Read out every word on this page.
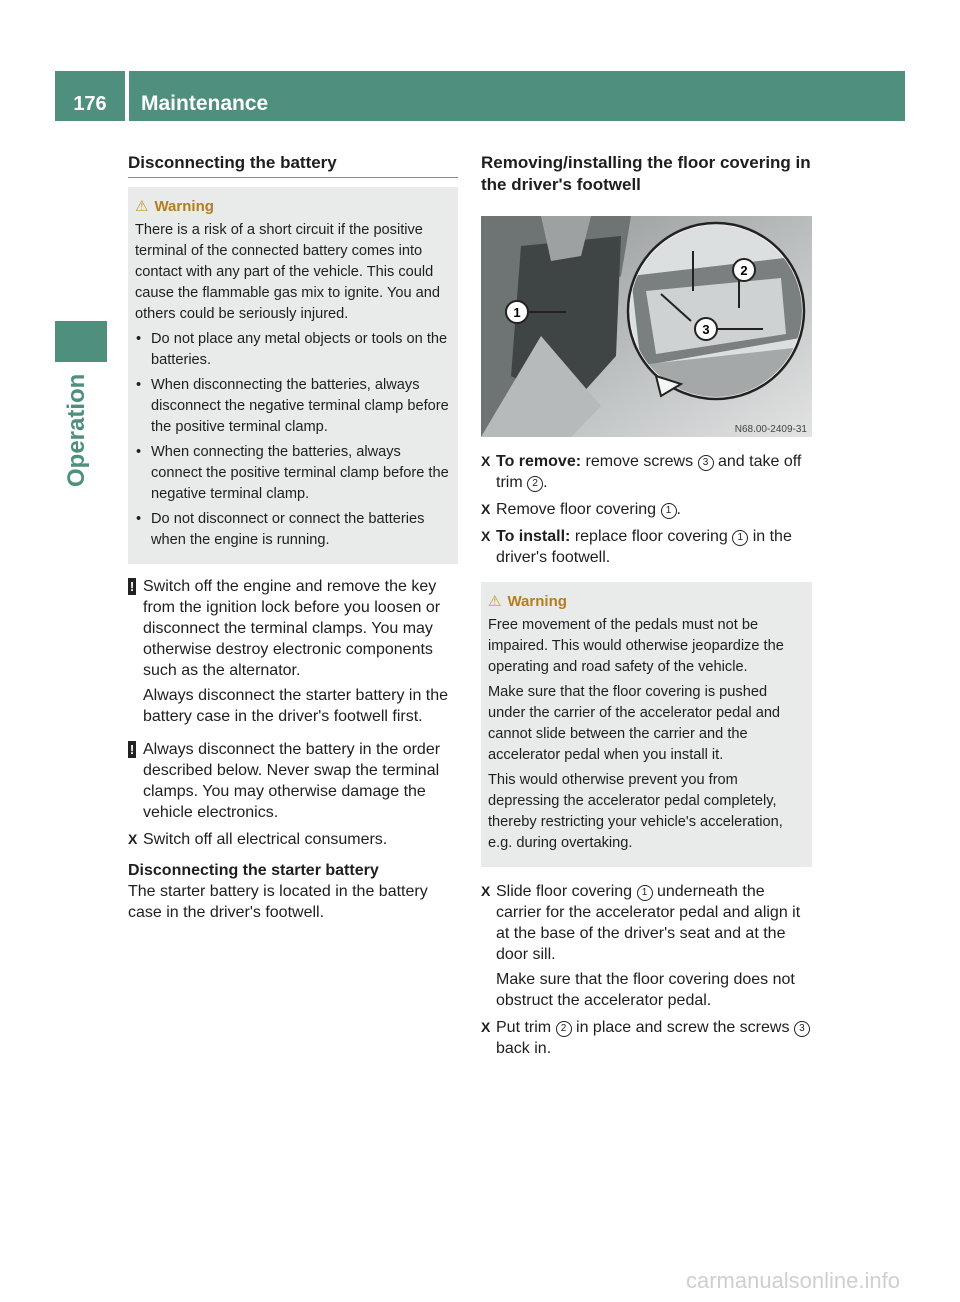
176	Maintenance
Operation
Disconnecting the battery
⚠ Warning

There is a risk of a short circuit if the positive terminal of the connected battery comes into contact with any part of the vehicle. This could cause the flammable gas mix to ignite. You and others could be seriously injured.

• Do not place any metal objects or tools on the batteries.
• When disconnecting the batteries, always disconnect the negative terminal clamp before the positive terminal clamp.
• When connecting the batteries, always connect the positive terminal clamp before the negative terminal clamp.
• Do not disconnect or connect the batteries when the engine is running.
! Switch off the engine and remove the key from the ignition lock before you loosen or disconnect the terminal clamps. You may otherwise destroy electronic components such as the alternator.

Always disconnect the starter battery in the battery case in the driver's footwell first.

! Always disconnect the battery in the order described below. Never swap the terminal clamps. You may otherwise damage the vehicle electronics.

X Switch off all electrical consumers.

Disconnecting the starter battery

The starter battery is located in the battery case in the driver's footwell.

Removing/installing the floor covering in the driver's footwell
1
2
3
N68.00-2409-31
X To remove: remove screws 3 and take off trim 2 .

X Remove floor covering 1 .

X To install: replace floor covering 1 in the driver's footwell.

⚠ Warning

Free movement of the pedals must not be impaired. This would otherwise jeopardize the operating and road safety of the vehicle.

Make sure that the floor covering is pushed under the carrier of the accelerator pedal and cannot slide between the carrier and the accelerator pedal when you install it.

This would otherwise prevent you from depressing the accelerator pedal completely, thereby restricting your vehicle's acceleration, e.g. during overtaking.

X Slide floor covering 1 underneath the carrier for the accelerator pedal and align it at the base of the driver's seat and at the door sill.

Make sure that the floor covering does not obstruct the accelerator pedal.

X Put trim 2 in place and screw the screws 3 back in.

carmanualsonline.info
